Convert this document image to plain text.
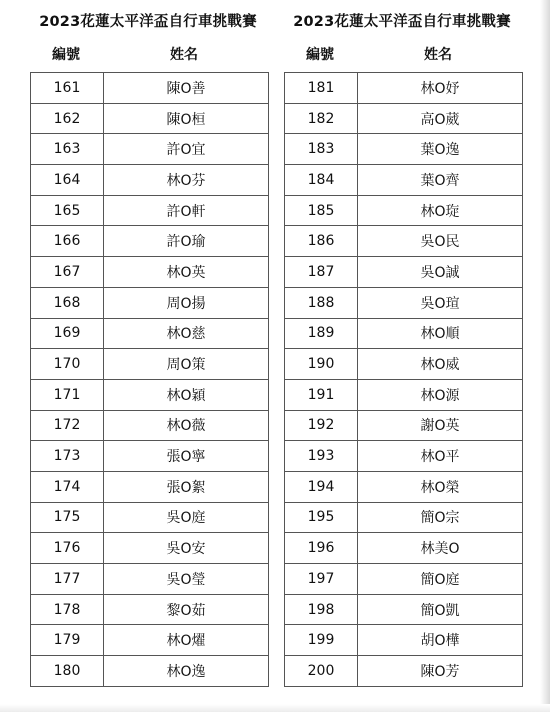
2023花蓮太平洋盃自行車挑戰賽
編號	姓名
161	陳O善
162	陳O桓
163	許O宜
164	林O芬
165	許O軒
166	許O瑜
167	林O英
168	周O揚
169	林O慈
170	周O策
171	林O穎
172	林O薇
173	張O寧
174	張O絮
175	吳O庭
176	吳O安
177	吳O瑩
178	黎O茹
179	林O燿
180	林O逸
2023花蓮太平洋盃自行車挑戰賽
編號	姓名
181	林O妤
182	高O葳
183	葉O逸
184	葉O齊
185	林O琁
186	吳O民
187	吳O誠
188	吳O瑄
189	林O順
190	林O威
191	林O源
192	謝O英
193	林O平
194	林O榮
195	簡O宗
196	林美O
197	簡O庭
198	簡O凱
199	胡O樺
200	陳O芳
